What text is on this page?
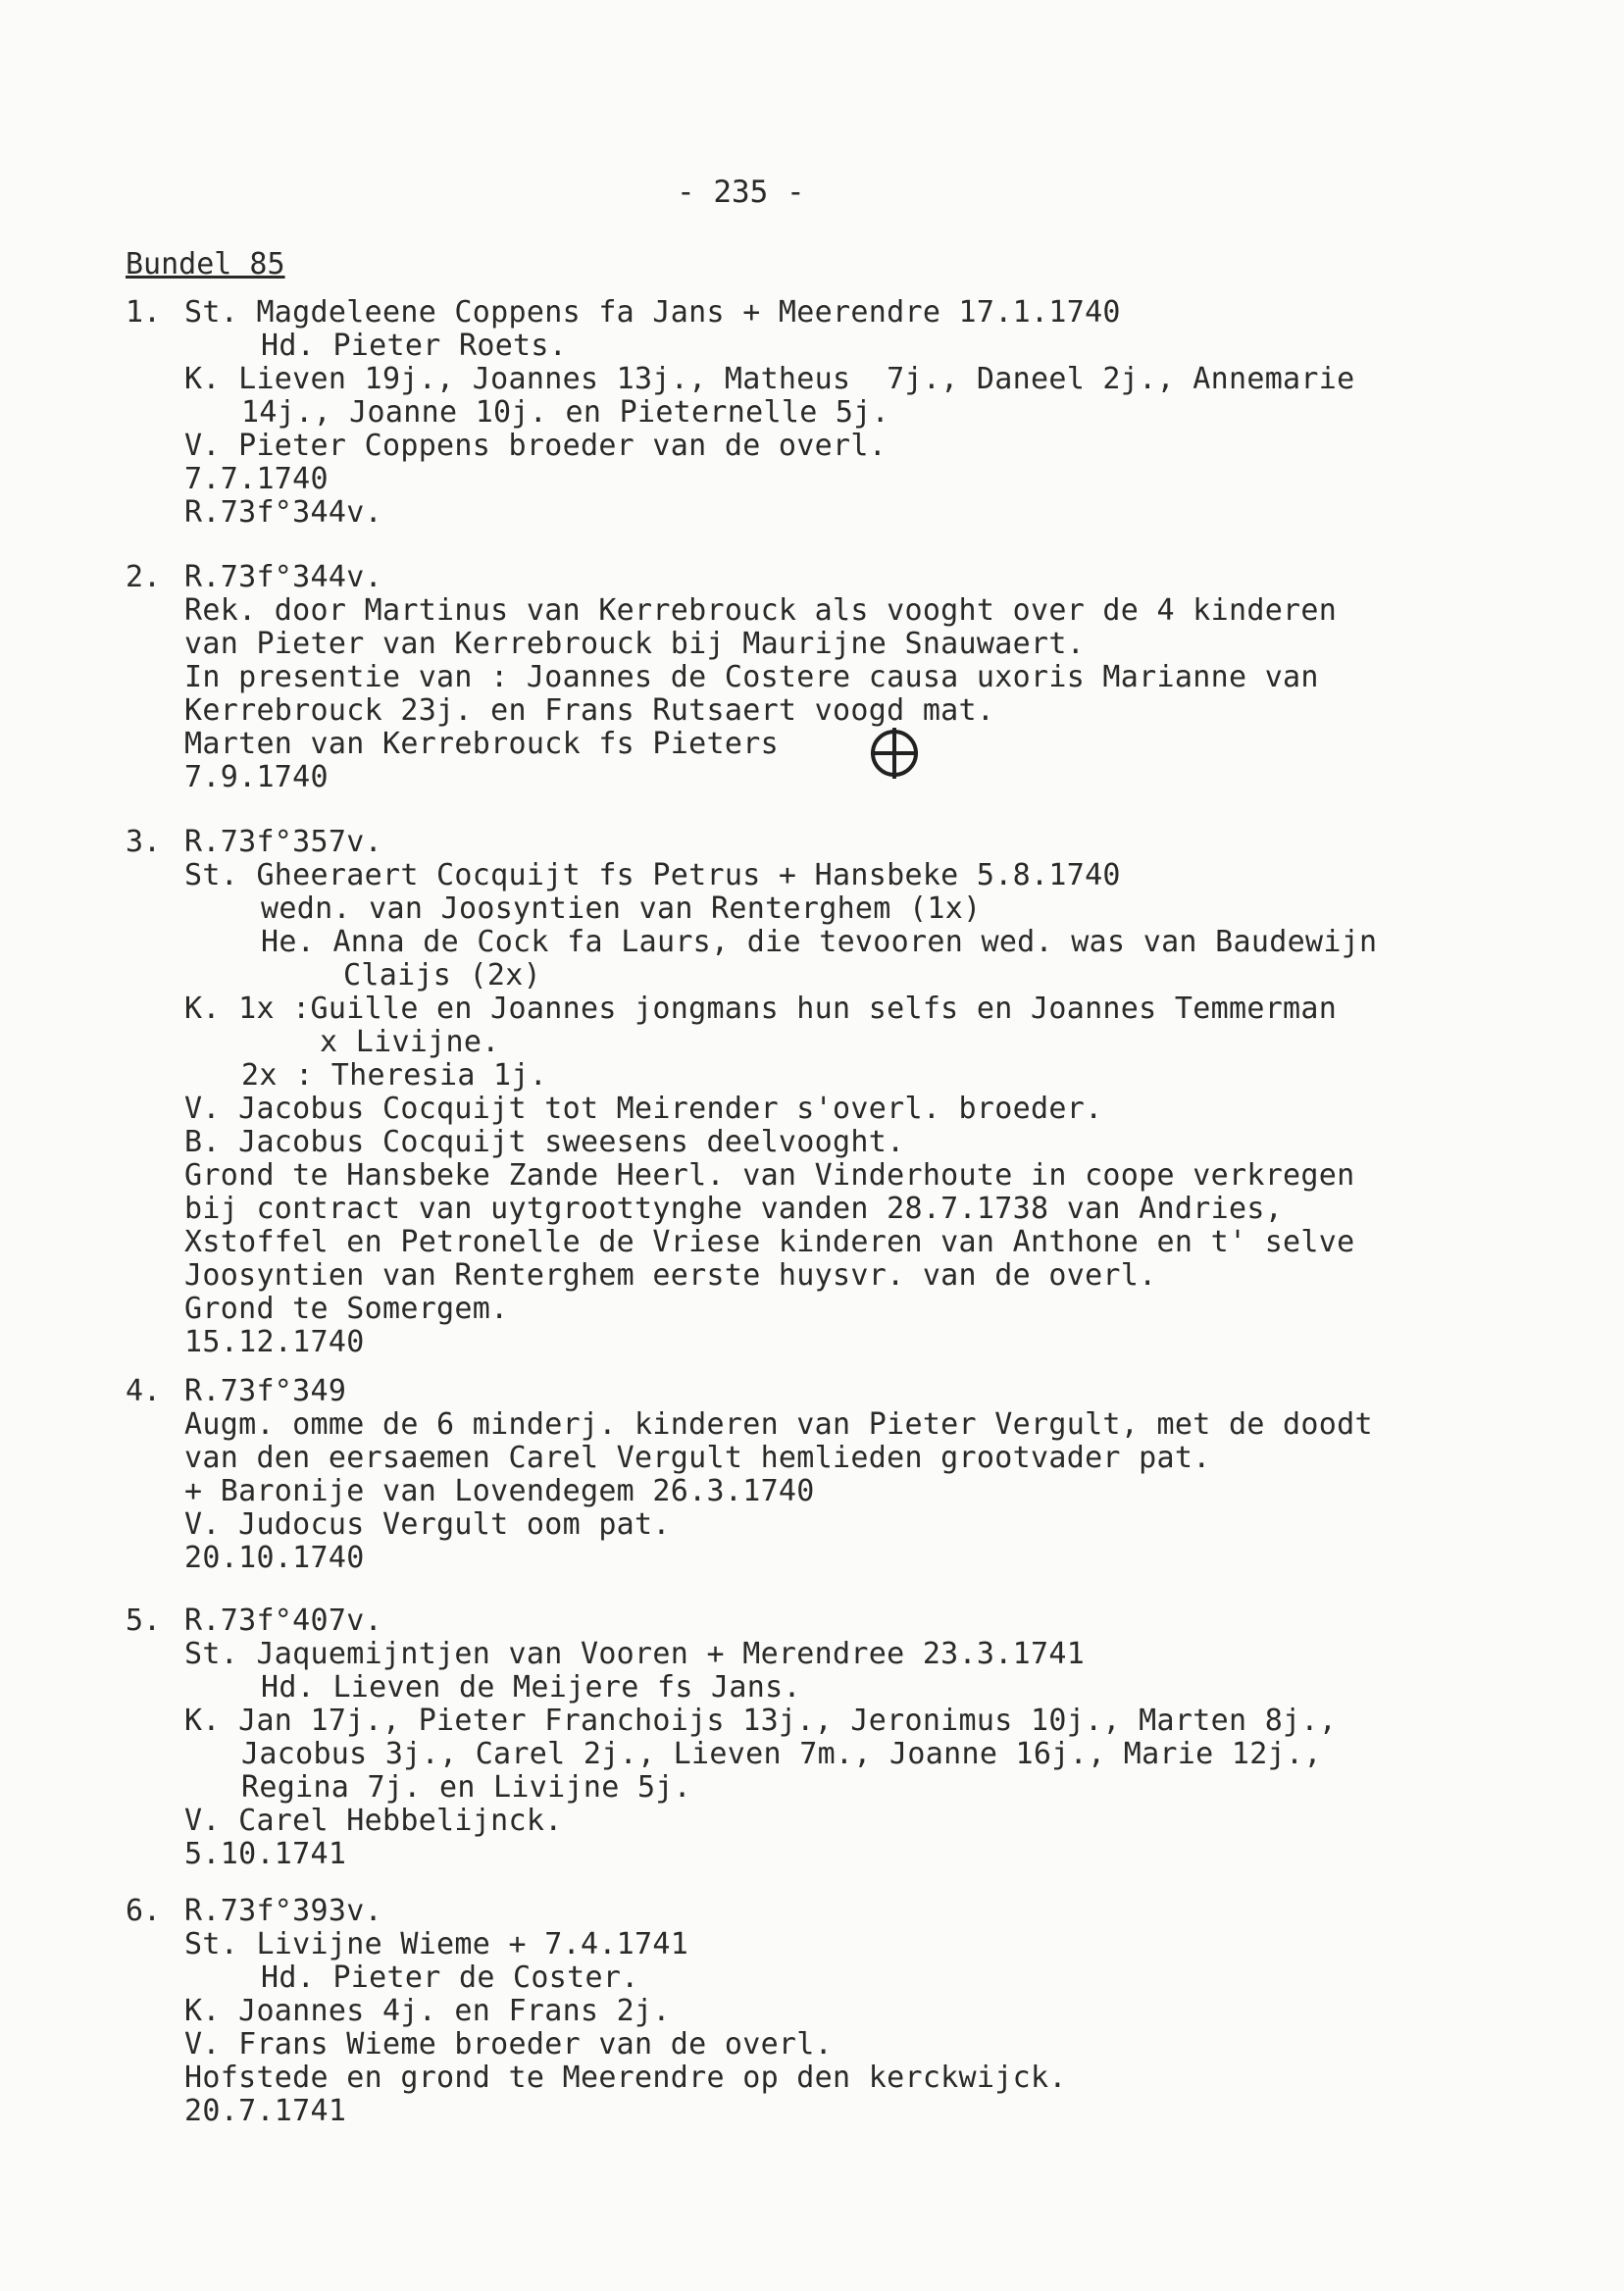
- 235 -
Bundel 85
1. St. Magdeleene Coppens fa Jans + Meerendre 17.1.1740
Hd. Pieter Roets.
K. Lieven 19j., Joannes 13j., Matheus  7j., Daneel 2j., Annemarie
14j., Joanne 10j. en Pieternelle 5j.
V. Pieter Coppens broeder van de overl.
7.7.1740
R.73f°344v.
2. R.73f°344v.
Rek. door Martinus van Kerrebrouck als vooght over de 4 kinderen
van Pieter van Kerrebrouck bij Maurijne Snauwaert.
In presentie van : Joannes de Costere causa uxoris Marianne van
Kerrebrouck 23j. en Frans Rutsaert voogd mat.
Marten van Kerrebrouck fs Pieters
7.9.1740
3. R.73f°357v.
St. Gheeraert Cocquijt fs Petrus + Hansbeke 5.8.1740
wedn. van Joosyntien van Renterghem (1x)
He. Anna de Cock fa Laurs, die tevooren wed. was van Baudewijn
Claijs (2x)
K. 1x :Guille en Joannes jongmans hun selfs en Joannes Temmerman
x Livijne.
2x : Theresia 1j.
V. Jacobus Cocquijt tot Meirender s'overl. broeder.
B. Jacobus Cocquijt sweesens deelvooght.
Grond te Hansbeke Zande Heerl. van Vinderhoute in coope verkregen
bij contract van uytgroottynghe vanden 28.7.1738 van Andries,
Xstoffel en Petronelle de Vriese kinderen van Anthone en t' selve
Joosyntien van Renterghem eerste huysvr. van de overl.
Grond te Somergem.
15.12.1740
4. R.73f°349
Augm. omme de 6 minderj. kinderen van Pieter Vergult, met de doodt
van den eersaemen Carel Vergult hemlieden grootvader pat.
+ Baronije van Lovendegem 26.3.1740
V. Judocus Vergult oom pat.
20.10.1740
5. R.73f°407v.
St. Jaquemijntjen van Vooren + Merendree 23.3.1741
Hd. Lieven de Meijere fs Jans.
K. Jan 17j., Pieter Franchoijs 13j., Jeronimus 10j., Marten 8j.,
Jacobus 3j., Carel 2j., Lieven 7m., Joanne 16j., Marie 12j.,
Regina 7j. en Livijne 5j.
V. Carel Hebbelijnck.
5.10.1741
6. R.73f°393v.
St. Livijne Wieme + 7.4.1741
Hd. Pieter de Coster.
K. Joannes 4j. en Frans 2j.
V. Frans Wieme broeder van de overl.
Hofstede en grond te Meerendre op den kerckwijck.
20.7.1741
